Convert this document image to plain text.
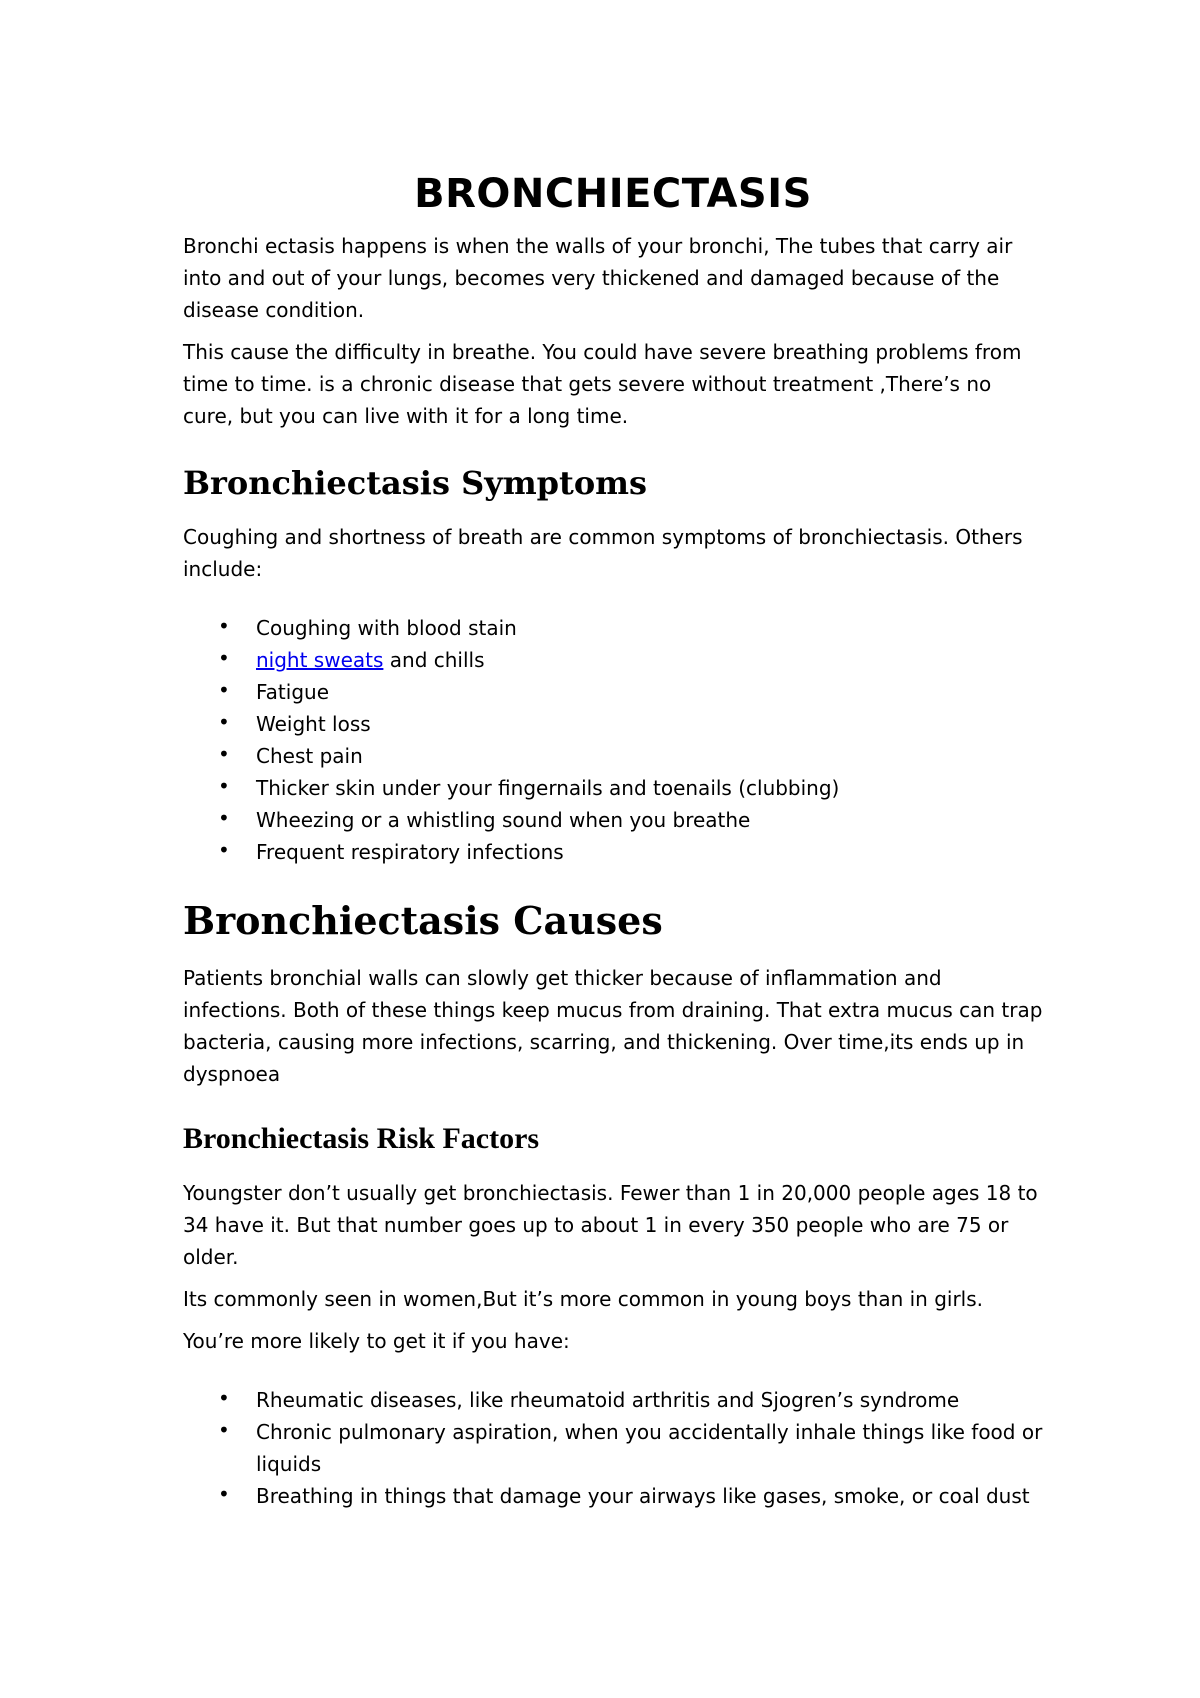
BRONCHIECTASIS

Bronchi ectasis happens is when the walls of your bronchi, The tubes that carry air into and out of your lungs, becomes very thickened and damaged because of the disease condition.

This cause the difficulty in breathe. You could have severe breathing problems from time to time. is a chronic disease that gets severe without treatment ,There’s no cure, but you can live with it for a long time.

Bronchiectasis Symptoms

Coughing and shortness of breath are common symptoms of bronchiectasis. Others include:

• Coughing with blood stain
• night sweats and chills
• Fatigue
• Weight loss
• Chest pain
• Thicker skin under your fingernails and toenails (clubbing)
• Wheezing or a whistling sound when you breathe
• Frequent respiratory infections
Bronchiectasis Causes

Patients bronchial walls can slowly get thicker because of inflammation and infections. Both of these things keep mucus from draining. That extra mucus can trap bacteria, causing more infections, scarring, and thickening. Over time,its ends up in dyspnoea

Bronchiectasis Risk Factors

Youngster don’t usually get bronchiectasis. Fewer than 1 in 20,000 people ages 18 to 34 have it. But that number goes up to about 1 in every 350 people who are 75 or older.

Its commonly seen in women,But it’s more common in young boys than in girls.

You’re more likely to get it if you have:

• Rheumatic diseases, like rheumatoid arthritis and Sjogren’s syndrome
• Chronic pulmonary aspiration, when you accidentally inhale things like food or liquids
• Breathing in things that damage your airways like gases, smoke, or coal dust
